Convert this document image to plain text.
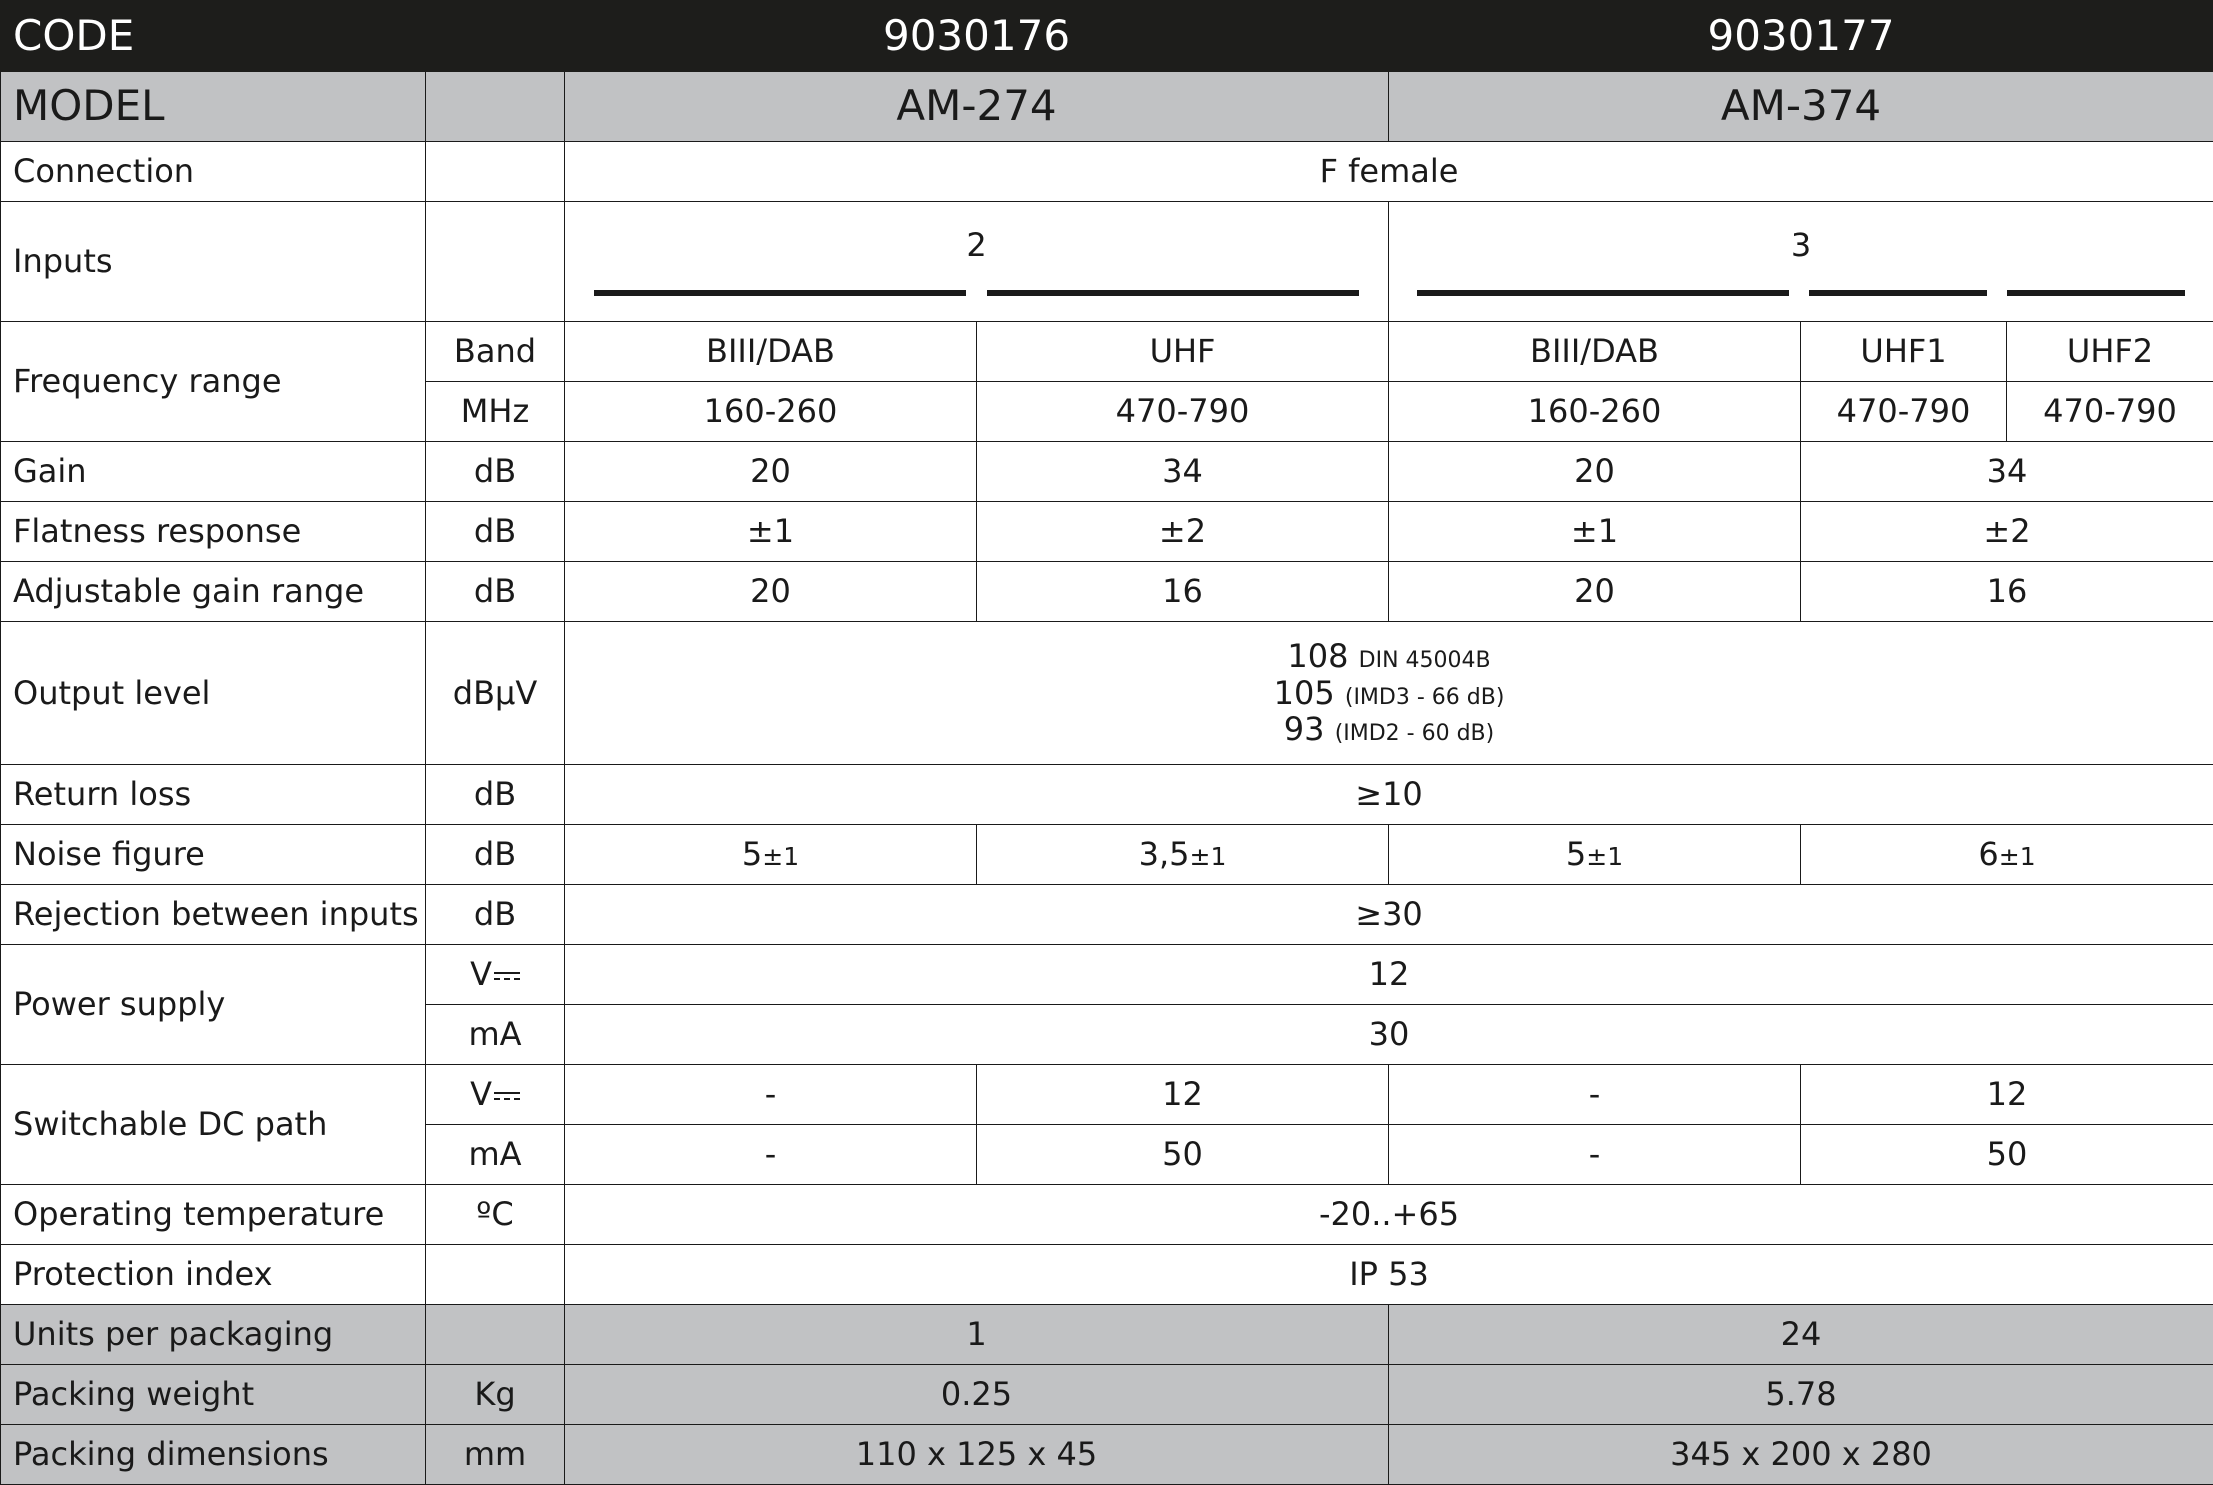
CODE		9030176		9030177		
MODEL		AM-274		AM-374		
Connection		F female				
Inputs		2		3		

Frequency range	Band	BIII/DAB	UHF	BIII/DAB	UHF1	UHF2
	MHz	160-260	470-790	160-260	470-790	470-790
Gain	dB	20	34	20	34	
Flatness response	dB	±1	±2	±1	±2	
Adjustable gain range	dB	20	16	20	16	
Output level	dBµV	108 DIN 45004B
105 (IMD3 - 66 dB)
93 (IMD2 - 60 dB)				

Return loss	dB	≥10				
Noise figure	dB	5±1	3,5±1	5±1	6±1	
Rejection between inputs	dB	≥30				
Power supply	V	12				
	mA	30				
Switchable DC path	V	-	12	-	12	
	mA	-	50	-	50	
Operating temperature	ºC	-20..+65				
Protection index		IP 53				
Units per packaging		1		24		
Packing weight	Kg	0.25		5.78		
Packing dimensions	mm	110 x 125 x 45		345 x 200 x 280		
